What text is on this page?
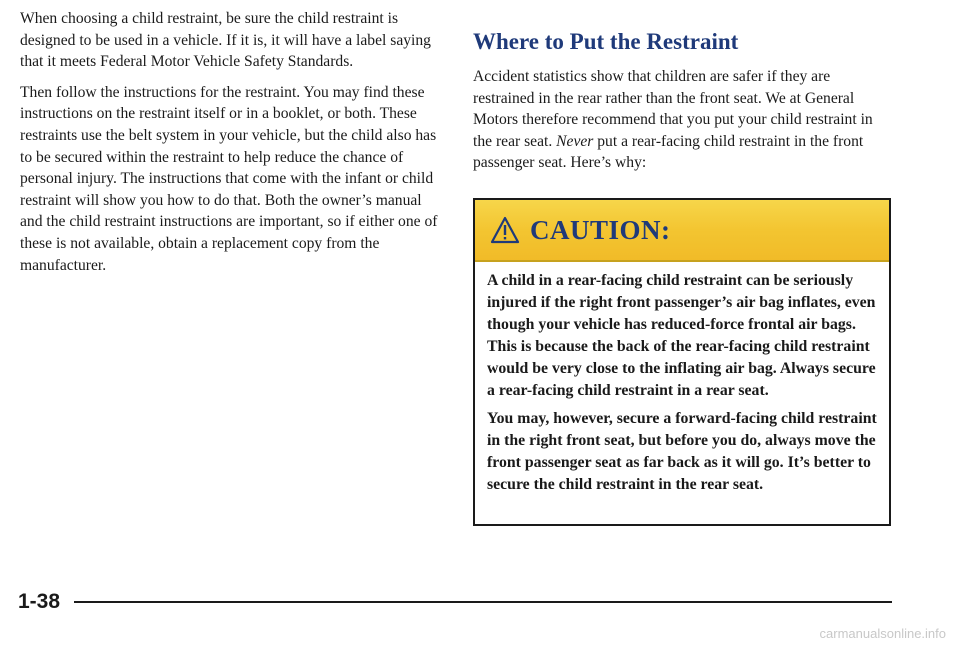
When choosing a child restraint, be sure the child restraint is designed to be used in a vehicle. If it is, it will have a label saying that it meets Federal Motor Vehicle Safety Standards.

Then follow the instructions for the restraint. You may find these instructions on the restraint itself or in a booklet, or both. These restraints use the belt system in your vehicle, but the child also has to be secured within the restraint to help reduce the chance of personal injury. The instructions that come with the infant or child restraint will show you how to do that. Both the owner’s manual and the child restraint instructions are important, so if either one of these is not available, obtain a replacement copy from the manufacturer.

Where to Put the Restraint

Accident statistics show that children are safer if they are restrained in the rear rather than the front seat. We at General Motors therefore recommend that you put your child restraint in the rear seat. Never put a rear-facing child restraint in the front passenger seat. Here’s why:

CAUTION:

A child in a rear-facing child restraint can be seriously injured if the right front passenger’s air bag inflates, even though your vehicle has reduced-force frontal air bags. This is because the back of the rear-facing child restraint would be very close to the inflating air bag. Always secure a rear-facing child restraint in a rear seat.

You may, however, secure a forward-facing child restraint in the right front seat, but before you do, always move the front passenger seat as far back as it will go. It’s better to secure the child restraint in the rear seat.

1-38
carmanualsonline.info
